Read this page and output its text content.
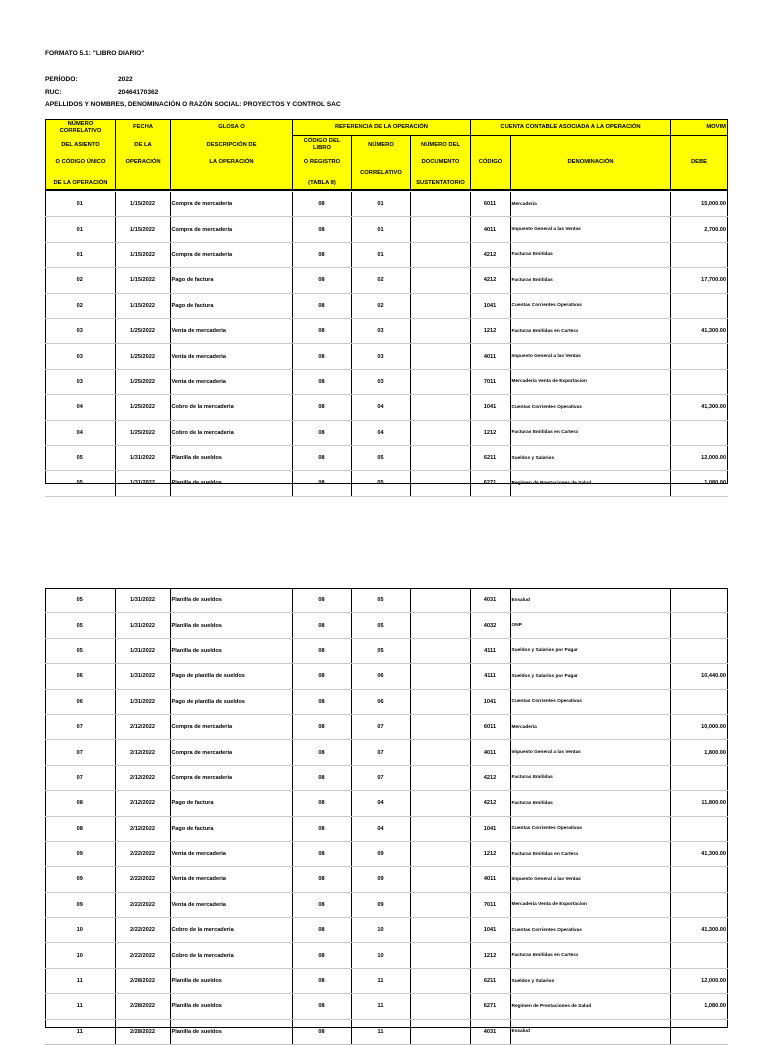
FORMATO 5.1: "LIBRO DIARIO"
PERÍODO:	2022
RUC:	20464170362
APELLIDOS Y NOMBRES, DENOMINACIÓN O RAZÓN SOCIAL: PROYECTOS Y CONTROL SAC
NÚMERO
CORRELATIVO
DEL ASIENTO
O CÓDIGO ÚNICO
DE LA OPERACIÓN
FECHA
DE LA
OPERACIÓN
GLOSA O
DESCRIPCIÓN DE
LA OPERACIÓN
REFERENCIA DE LA OPERACIÓN
CÓDIGO DEL
LIBRO
O REGISTRO
(TABLA 8)
NÚMERO
CORRELATIVO
NÚMERO DEL
DOCUMENTO
SUSTENTATORIO
CUENTA CONTABLE ASOCIADA A LA OPERACIÓN
CÓDIGO	DENOMINACIÓN
MOVIM
DEBE
01	1/15/2022	Compra de mercaderia	08	01		6011	Mercaderia	15,000.00
01	1/15/2022	Compra de mercaderia	08	01		4011	Impuesto General a las Ventas	2,700.00
01	1/15/2022	Compra de mercaderia	08	01		4212	Facturas Emitidas	
02	1/15/2022	Pago de factura	08	02		4212	Facturas Emitidas	17,700.00
02	1/15/2022	Pago de factura	08	02		1041	Cuentas Corrientes Operativas	
03	1/25/2022	Venta de mercaderia	08	03		1212	Facturas Emitidas en Cartera	41,300.00
03	1/25/2022	Venta de mercaderia	08	03		4011	Impuesto General a las Ventas	
03	1/25/2022	Venta de mercaderia	08	03		7011	Mercaderia Venta de Exportacion	
04	1/25/2022	Cobro de la mercaderia	08	04		1041	Cuentas Corrientes Operativas	41,300.00
04	1/25/2022	Cobro de la mercaderia	08	04		1212	Facturas Emitidas en Cartera	
05	1/31/2022	Planilla de sueldos	08	05		6211	Sueldos y Salarios	12,000.00
05	1/31/2022	Planilla de sueldos	08	05		6271	Regimen de Prestaciones de Salud	1,080.00
05	1/31/2022	Planilla de sueldos	08	05		4031	Essalud	
05	1/31/2022	Planilla de sueldos	08	05		4032	ONP	
05	1/31/2022	Planilla de sueldos	08	05		4111	Sueldos y Salarios por Pagar	
06	1/31/2022	Pago de planilla de sueldos	08	06		4111	Sueldos y Salarios por Pagar	10,440.00
06	1/31/2022	Pago de planilla de sueldos	08	06		1041	Cuentas Corrientes Operativas	
07	2/12/2022	Compra de mercaderia	08	07		6011	Mercaderia	10,000.00
07	2/12/2022	Compra de mercaderia	08	07		4011	Impuesto General a las Ventas	1,800.00
07	2/12/2022	Compra de mercaderia	08	07		4212	Facturas Emitidas	
08	2/12/2022	Pago de factura	08	04		4212	Facturas Emitidas	11,800.00
08	2/12/2022	Pago de factura	08	04		1041	Cuentas Corrientes Operativas	
09	2/22/2022	Venta de mercaderia	08	09		1212	Facturas Emitidas en Cartera	41,300.00
09	2/22/2022	Venta de mercaderia	08	09		4011	Impuesto General a las Ventas	
09	2/22/2022	Venta de mercaderia	08	09		7011	Mercaderia Venta de Exportacion	
10	2/22/2022	Cobro de la mercaderia	08	10		1041	Cuentas Corrientes Operativas	41,300.00
10	2/22/2022	Cobro de la mercaderia	08	10		1212	Facturas Emitidas en Cartera	
11	2/28/2022	Planilla de sueldos	08	11		6211	Sueldos y Salarios	12,000.00
11	2/28/2022	Planilla de sueldos	08	11		6271	Regimen de Prestaciones de Salud	1,080.00
11	2/28/2022	Planilla de sueldos	08	11		4031	Essalud	
